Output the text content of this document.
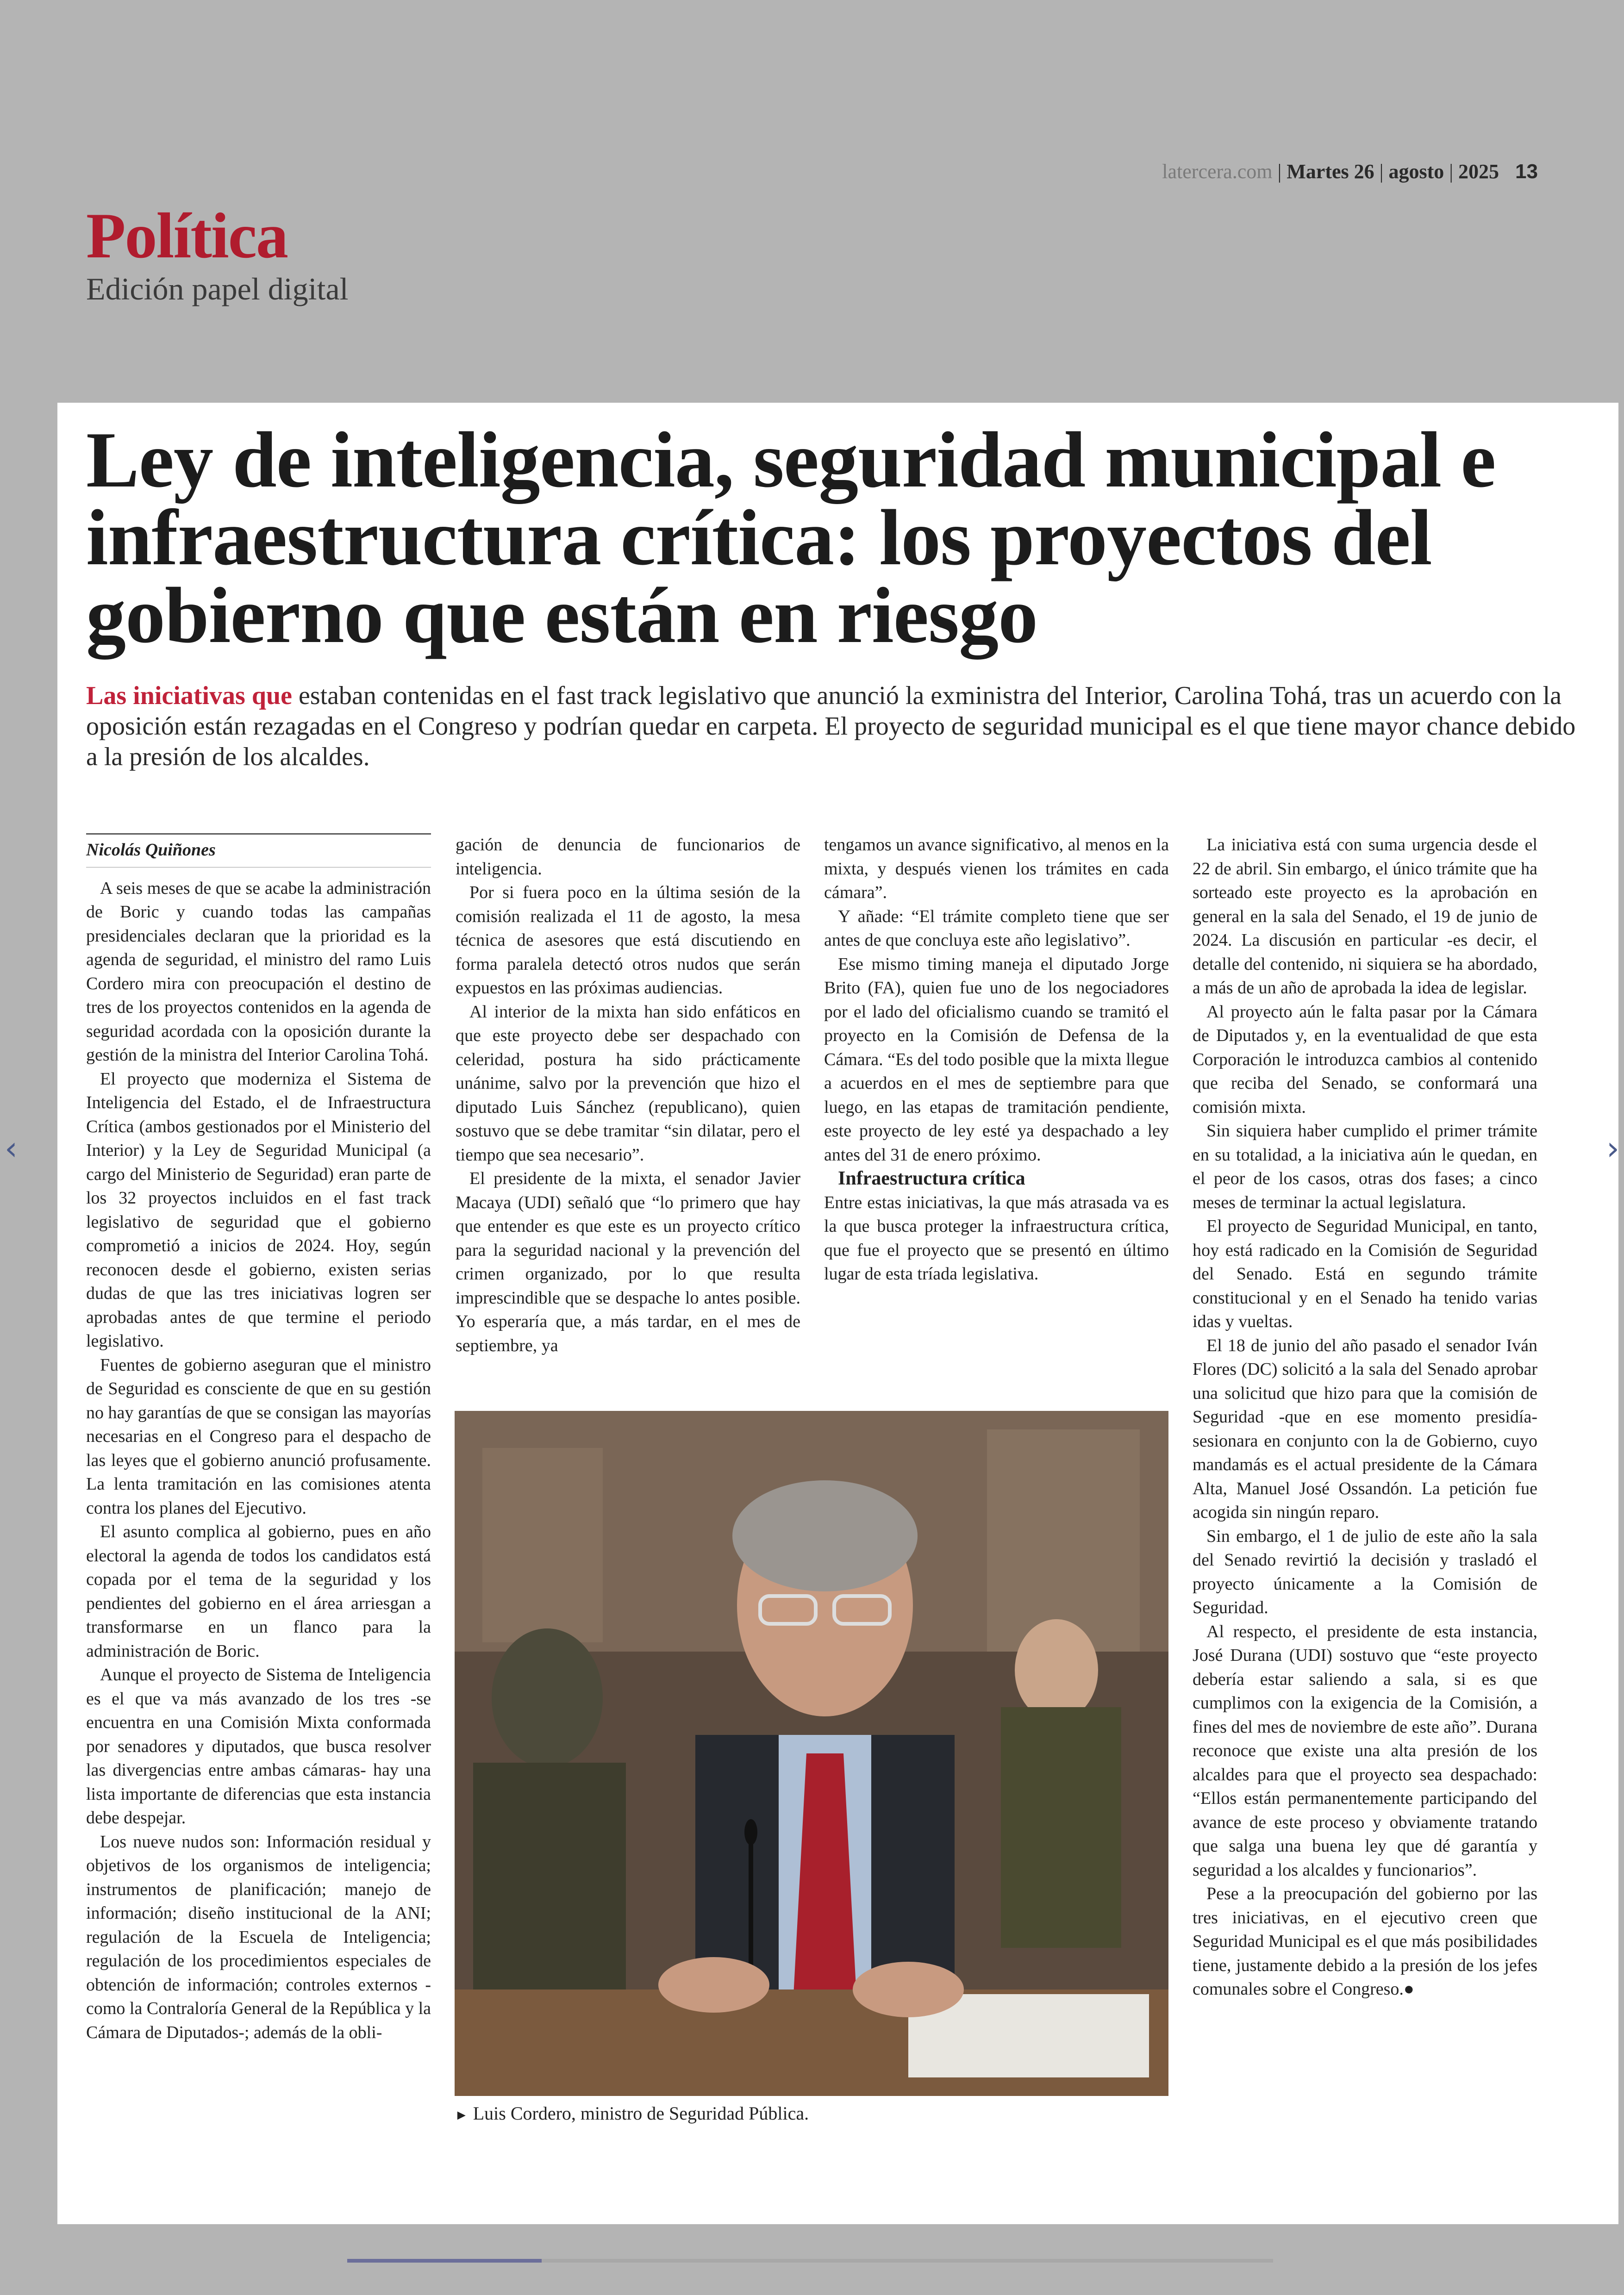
latercera.com | Martes 26 | agosto | 2025 13
Política
Edición papel digital
Ley de inteligencia, seguridad municipal e infraestructura crítica: los proyectos del gobierno que están en riesgo
Las iniciativas que estaban contenidas en el fast track legislativo que anunció la exministra del Interior, Carolina Tohá, tras un acuerdo con la oposición están rezagadas en el Congreso y podrían quedar en carpeta. El proyecto de seguridad municipal es el que tiene mayor chance debido a la presión de los alcaldes.
Nicolás Quiñones

A seis meses de que se acabe la administración de Boric y cuando todas las campañas presidenciales declaran que la prioridad es la agenda de seguridad, el ministro del ramo Luis Cordero mira con preocupación el destino de tres de los proyectos contenidos en la agenda de seguridad acordada con la oposición durante la gestión de la ministra del Interior Carolina Tohá.

El proyecto que moderniza el Sistema de Inteligencia del Estado, el de Infraestructura Crítica (ambos gestionados por el Ministerio del Interior) y la Ley de Seguridad Municipal (a cargo del Ministerio de Seguridad) eran parte de los 32 proyectos incluidos en el fast track legislativo de seguridad que el gobierno comprometió a inicios de 2024. Hoy, según reconocen desde el gobierno, existen serias dudas de que las tres iniciativas logren ser aprobadas antes de que termine el periodo legislativo.

Fuentes de gobierno aseguran que el ministro de Seguridad es consciente de que en su gestión no hay garantías de que se consigan las mayorías necesarias en el Congreso para el despacho de las leyes que el gobierno anunció profusamente. La lenta tramitación en las comisiones atenta contra los planes del Ejecutivo.

El asunto complica al gobierno, pues en año electoral la agenda de todos los candidatos está copada por el tema de la seguridad y los pendientes del gobierno en el área arriesgan a transformarse en un flanco para la administración de Boric.

Aunque el proyecto de Sistema de Inteligencia es el que va más avanzado de los tres -se encuentra en una Comisión Mixta conformada por senadores y diputados, que busca resolver las divergencias entre ambas cámaras- hay una lista importante de diferencias que esta instancia debe despejar.

Los nueve nudos son: Información residual y objetivos de los organismos de inteligencia; instrumentos de planificación; manejo de información; diseño institucional de la ANI; regulación de la Escuela de Inteligencia; regulación de los procedimientos especiales de obtención de información; controles externos -como la Contraloría General de la República y la Cámara de Diputados-; además de la obli-

gación de denuncia de funcionarios de inteligencia.

Por si fuera poco en la última sesión de la comisión realizada el 11 de agosto, la mesa técnica de asesores que está discutiendo en forma paralela detectó otros nudos que serán expuestos en las próximas audiencias.

Al interior de la mixta han sido enfáticos en que este proyecto debe ser despachado con celeridad, postura ha sido prácticamente unánime, salvo por la prevención que hizo el diputado Luis Sánchez (republicano), quien sostuvo que se debe tramitar “sin dilatar, pero el tiempo que sea necesario”.

El presidente de la mixta, el senador Javier Macaya (UDI) señaló que “lo primero que hay que entender es que este es un proyecto crítico para la seguridad nacional y la prevención del crimen organizado, por lo que resulta imprescindible que se despache lo antes posible. Yo esperaría que, a más tardar, en el mes de septiembre, ya

tengamos un avance significativo, al menos en la mixta, y después vienen los trámites en cada cámara”.

Y añade: “El trámite completo tiene que ser antes de que concluya este año legislativo”.

Ese mismo timing maneja el diputado Jorge Brito (FA), quien fue uno de los negociadores por el lado del oficialismo cuando se tramitó el proyecto en la Comisión de Defensa de la Cámara. “Es del todo posible que la mixta llegue a acuerdos en el mes de septiembre para que luego, en las etapas de tramitación pendiente, este proyecto de ley esté ya despachado a ley antes del 31 de enero próximo.

Infraestructura crítica

Entre estas iniciativas, la que más atrasada va es la que busca proteger la infraestructura crítica, que fue el proyecto que se presentó en último lugar de esta tríada legislativa.

La iniciativa está con suma urgencia desde el 22 de abril. Sin embargo, el único trámite que ha sorteado este proyecto es la aprobación en general en la sala del Senado, el 19 de junio de 2024. La discusión en particular -es decir, el detalle del contenido, ni siquiera se ha abordado, a más de un año de aprobada la idea de legislar.

Al proyecto aún le falta pasar por la Cámara de Diputados y, en la eventualidad de que esta Corporación le introduzca cambios al contenido que reciba del Senado, se conformará una comisión mixta.

Sin siquiera haber cumplido el primer trámite en su totalidad, a la iniciativa aún le quedan, en el peor de los casos, otras dos fases; a cinco meses de terminar la actual legislatura.

El proyecto de Seguridad Municipal, en tanto, hoy está radicado en la Comisión de Seguridad del Senado. Está en segundo trámite constitucional y en el Senado ha tenido varias idas y vueltas.

El 18 de junio del año pasado el senador Iván Flores (DC) solicitó a la sala del Senado aprobar una solicitud que hizo para que la comisión de Seguridad -que en ese momento presidía- sesionara en conjunto con la de Gobierno, cuyo mandamás es el actual presidente de la Cámara Alta, Manuel José Ossandón. La petición fue acogida sin ningún reparo.

Sin embargo, el 1 de julio de este año la sala del Senado revirtió la decisión y trasladó el proyecto únicamente a la Comisión de Seguridad.

Al respecto, el presidente de esta instancia, José Durana (UDI) sostuvo que “este proyecto debería estar saliendo a sala, si es que cumplimos con la exigencia de la Comisión, a fines del mes de noviembre de este año”. Durana reconoce que existe una alta presión de los alcaldes para que el proyecto sea despachado: “Ellos están permanentemente participando del avance de este proceso y obviamente tratando que salga una buena ley que dé garantía y seguridad a los alcaldes y funcionarios”.

Pese a la preocupación del gobierno por las tres iniciativas, en el ejecutivo creen que Seguridad Municipal es el que más posibilidades tiene, justamente debido a la presión de los jefes comunales sobre el Congreso.●

► Luis Cordero, ministro de Seguridad Pública.
‹	›
